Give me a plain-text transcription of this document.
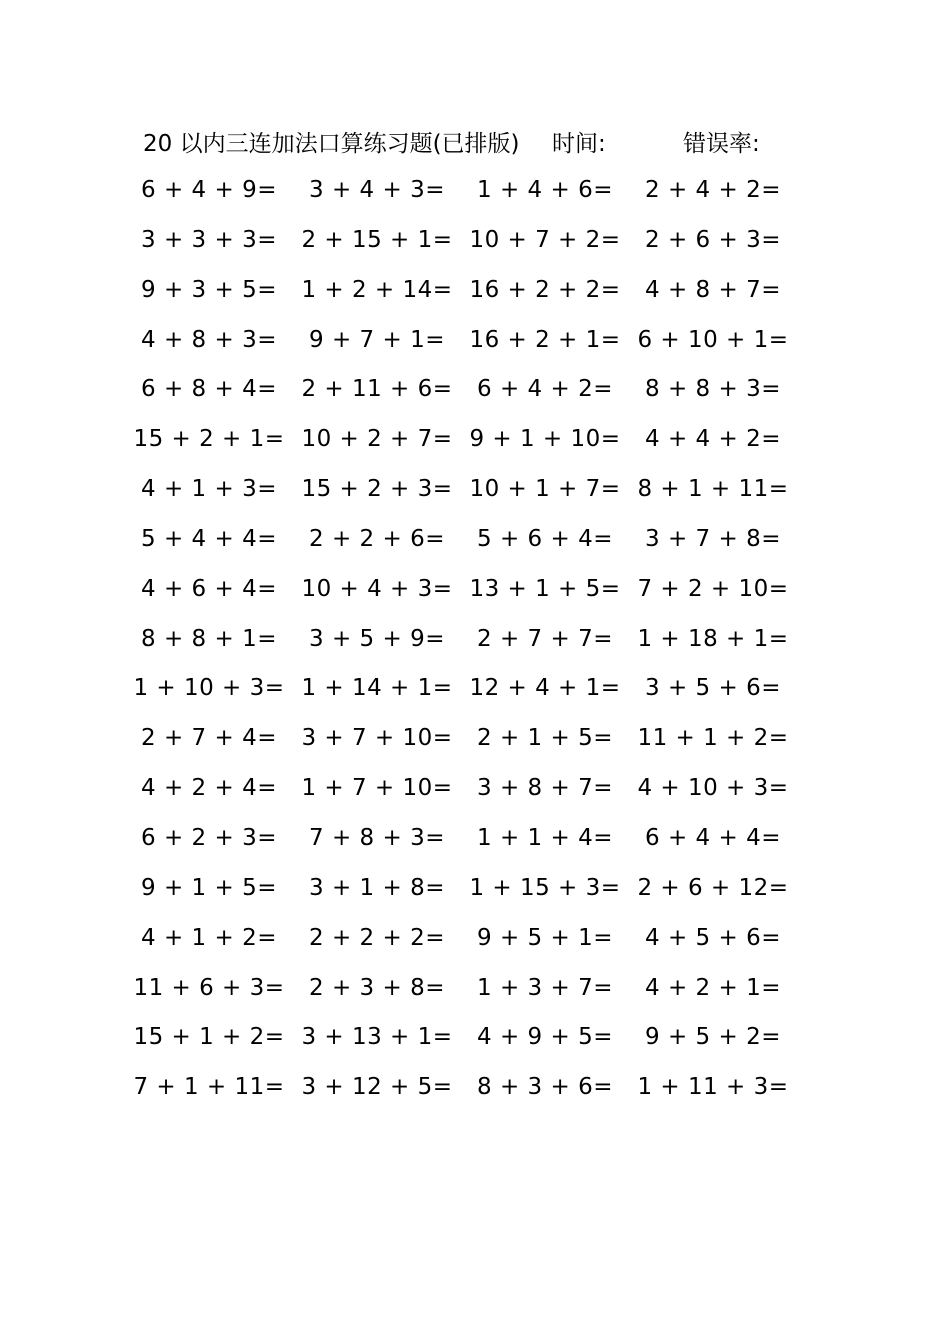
20 以内三连加法口算练习题(已排版) 时间:	错误率:
6 + 4 + 9=	3 + 4 + 3=	1 + 4 + 6=	2 + 4 + 2=
3 + 3 + 3=	2 + 15 + 1= 10 + 7 + 2=	2 + 6 + 3=
9 + 3 + 5=	1 + 2 + 14= 16 + 2 + 2=	4 + 8 + 7=
4 + 8 + 3=	9 + 7 + 1=	16 + 2 + 1= 6 + 10 + 1=
6 + 8 + 4=	2 + 11 + 6=	6 + 4 + 2=	8 + 8 + 3=
15 + 2 + 1= 10 + 2 + 7= 9 + 1 + 10=	4 + 4 + 2=
4 + 1 + 3=	15 + 2 + 3= 10 + 1 + 7= 8 + 1 + 11=
5 + 4 + 4=	2 + 2 + 6=	5 + 6 + 4=	3 + 7 + 8=
4 + 6 + 4=	10 + 4 + 3= 13 + 1 + 5= 7 + 2 + 10=
8 + 8 + 1=	3 + 5 + 9=	2 + 7 + 7=	1 + 18 + 1=
1 + 10 + 3= 1 + 14 + 1= 12 + 4 + 1=	3 + 5 + 6=
2 + 7 + 4=	3 + 7 + 10=	2 + 1 + 5=	11 + 1 + 2=
4 + 2 + 4=	1 + 7 + 10=	3 + 8 + 7=	4 + 10 + 3=
6 + 2 + 3=	7 + 8 + 3=	1 + 1 + 4=	6 + 4 + 4=
9 + 1 + 5=	3 + 1 + 8=	1 + 15 + 3= 2 + 6 + 12=
4 + 1 + 2=	2 + 2 + 2=	9 + 5 + 1=	4 + 5 + 6=
11 + 6 + 3=	2 + 3 + 8=	1 + 3 + 7=	4 + 2 + 1=
15 + 1 + 2= 3 + 13 + 1=	4 + 9 + 5=	9 + 5 + 2=
7 + 1 + 11= 3 + 12 + 5=	8 + 3 + 6=	1 + 11 + 3=
